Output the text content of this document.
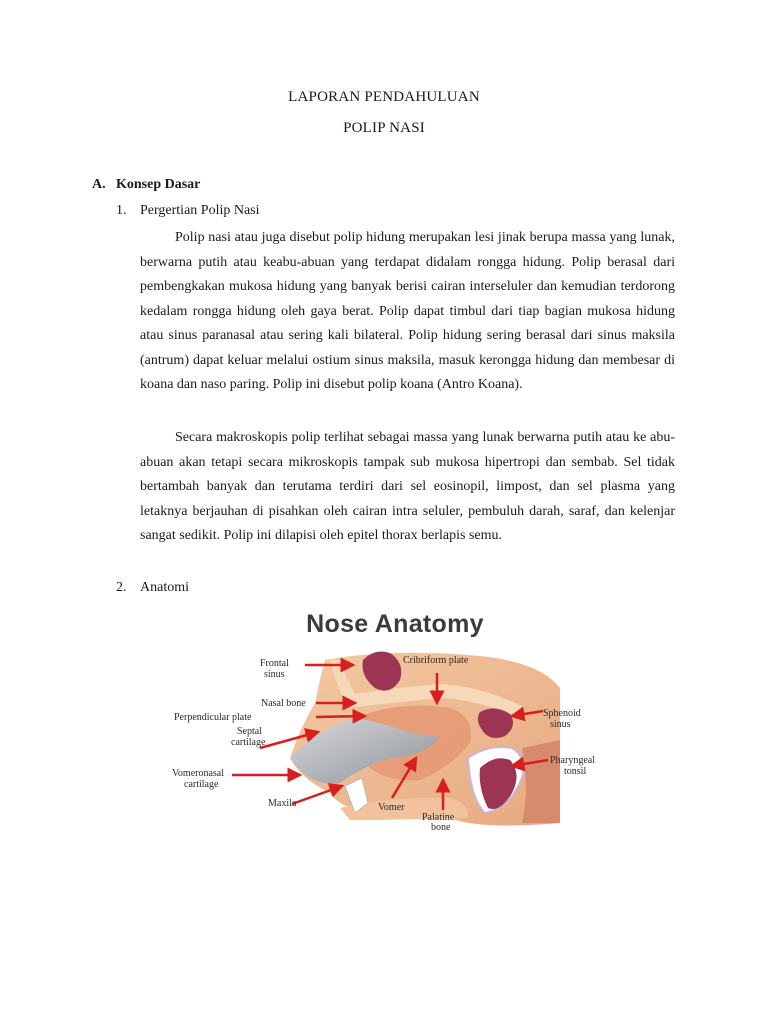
LAPORAN PENDAHULUAN
POLIP NASI
A. Konsep Dasar
1. Pergertian Polip Nasi

Polip nasi atau juga disebut polip hidung merupakan lesi jinak berupa massa yang lunak, berwarna putih atau keabu-abuan yang terdapat didalam rongga hidung. Polip berasal dari pembengkakan mukosa hidung yang banyak berisi cairan interseluler dan kemudian terdorong kedalam rongga hidung oleh gaya berat. Polip dapat timbul dari tiap bagian mukosa hidung atau sinus paranasal atau sering kali bilateral. Polip hidung sering berasal dari sinus maksila (antrum) dapat keluar melalui ostium sinus maksila, masuk kerongga hidung dan membesar di koana dan naso paring. Polip ini disebut polip koana (Antro Koana).

Secara makroskopis polip terlihat sebagai massa yang lunak berwarna putih atau ke abu-abuan akan tetapi secara mikroskopis tampak sub mukosa hipertropi dan sembab. Sel tidak bertambah banyak dan terutama terdiri dari sel eosinopil, limpost, dan sel plasma yang letaknya berjauhan di pisahkan oleh cairan intra seluler, pembuluh darah, saraf, dan kelenjar sangat sedikit. Polip ini dilapisi oleh epitel thorax berlapis semu.

2. Anatomi
Nose Anatomy
Frontal
sinus
Cribriform plate
Nasal bone
Perpendicular plate
Septal
cartilage
Sphenoid
sinus
Pharyngeal
tonsil
Vomeronasal
cartilage
Maxila	Vomer
Palatine
bone
